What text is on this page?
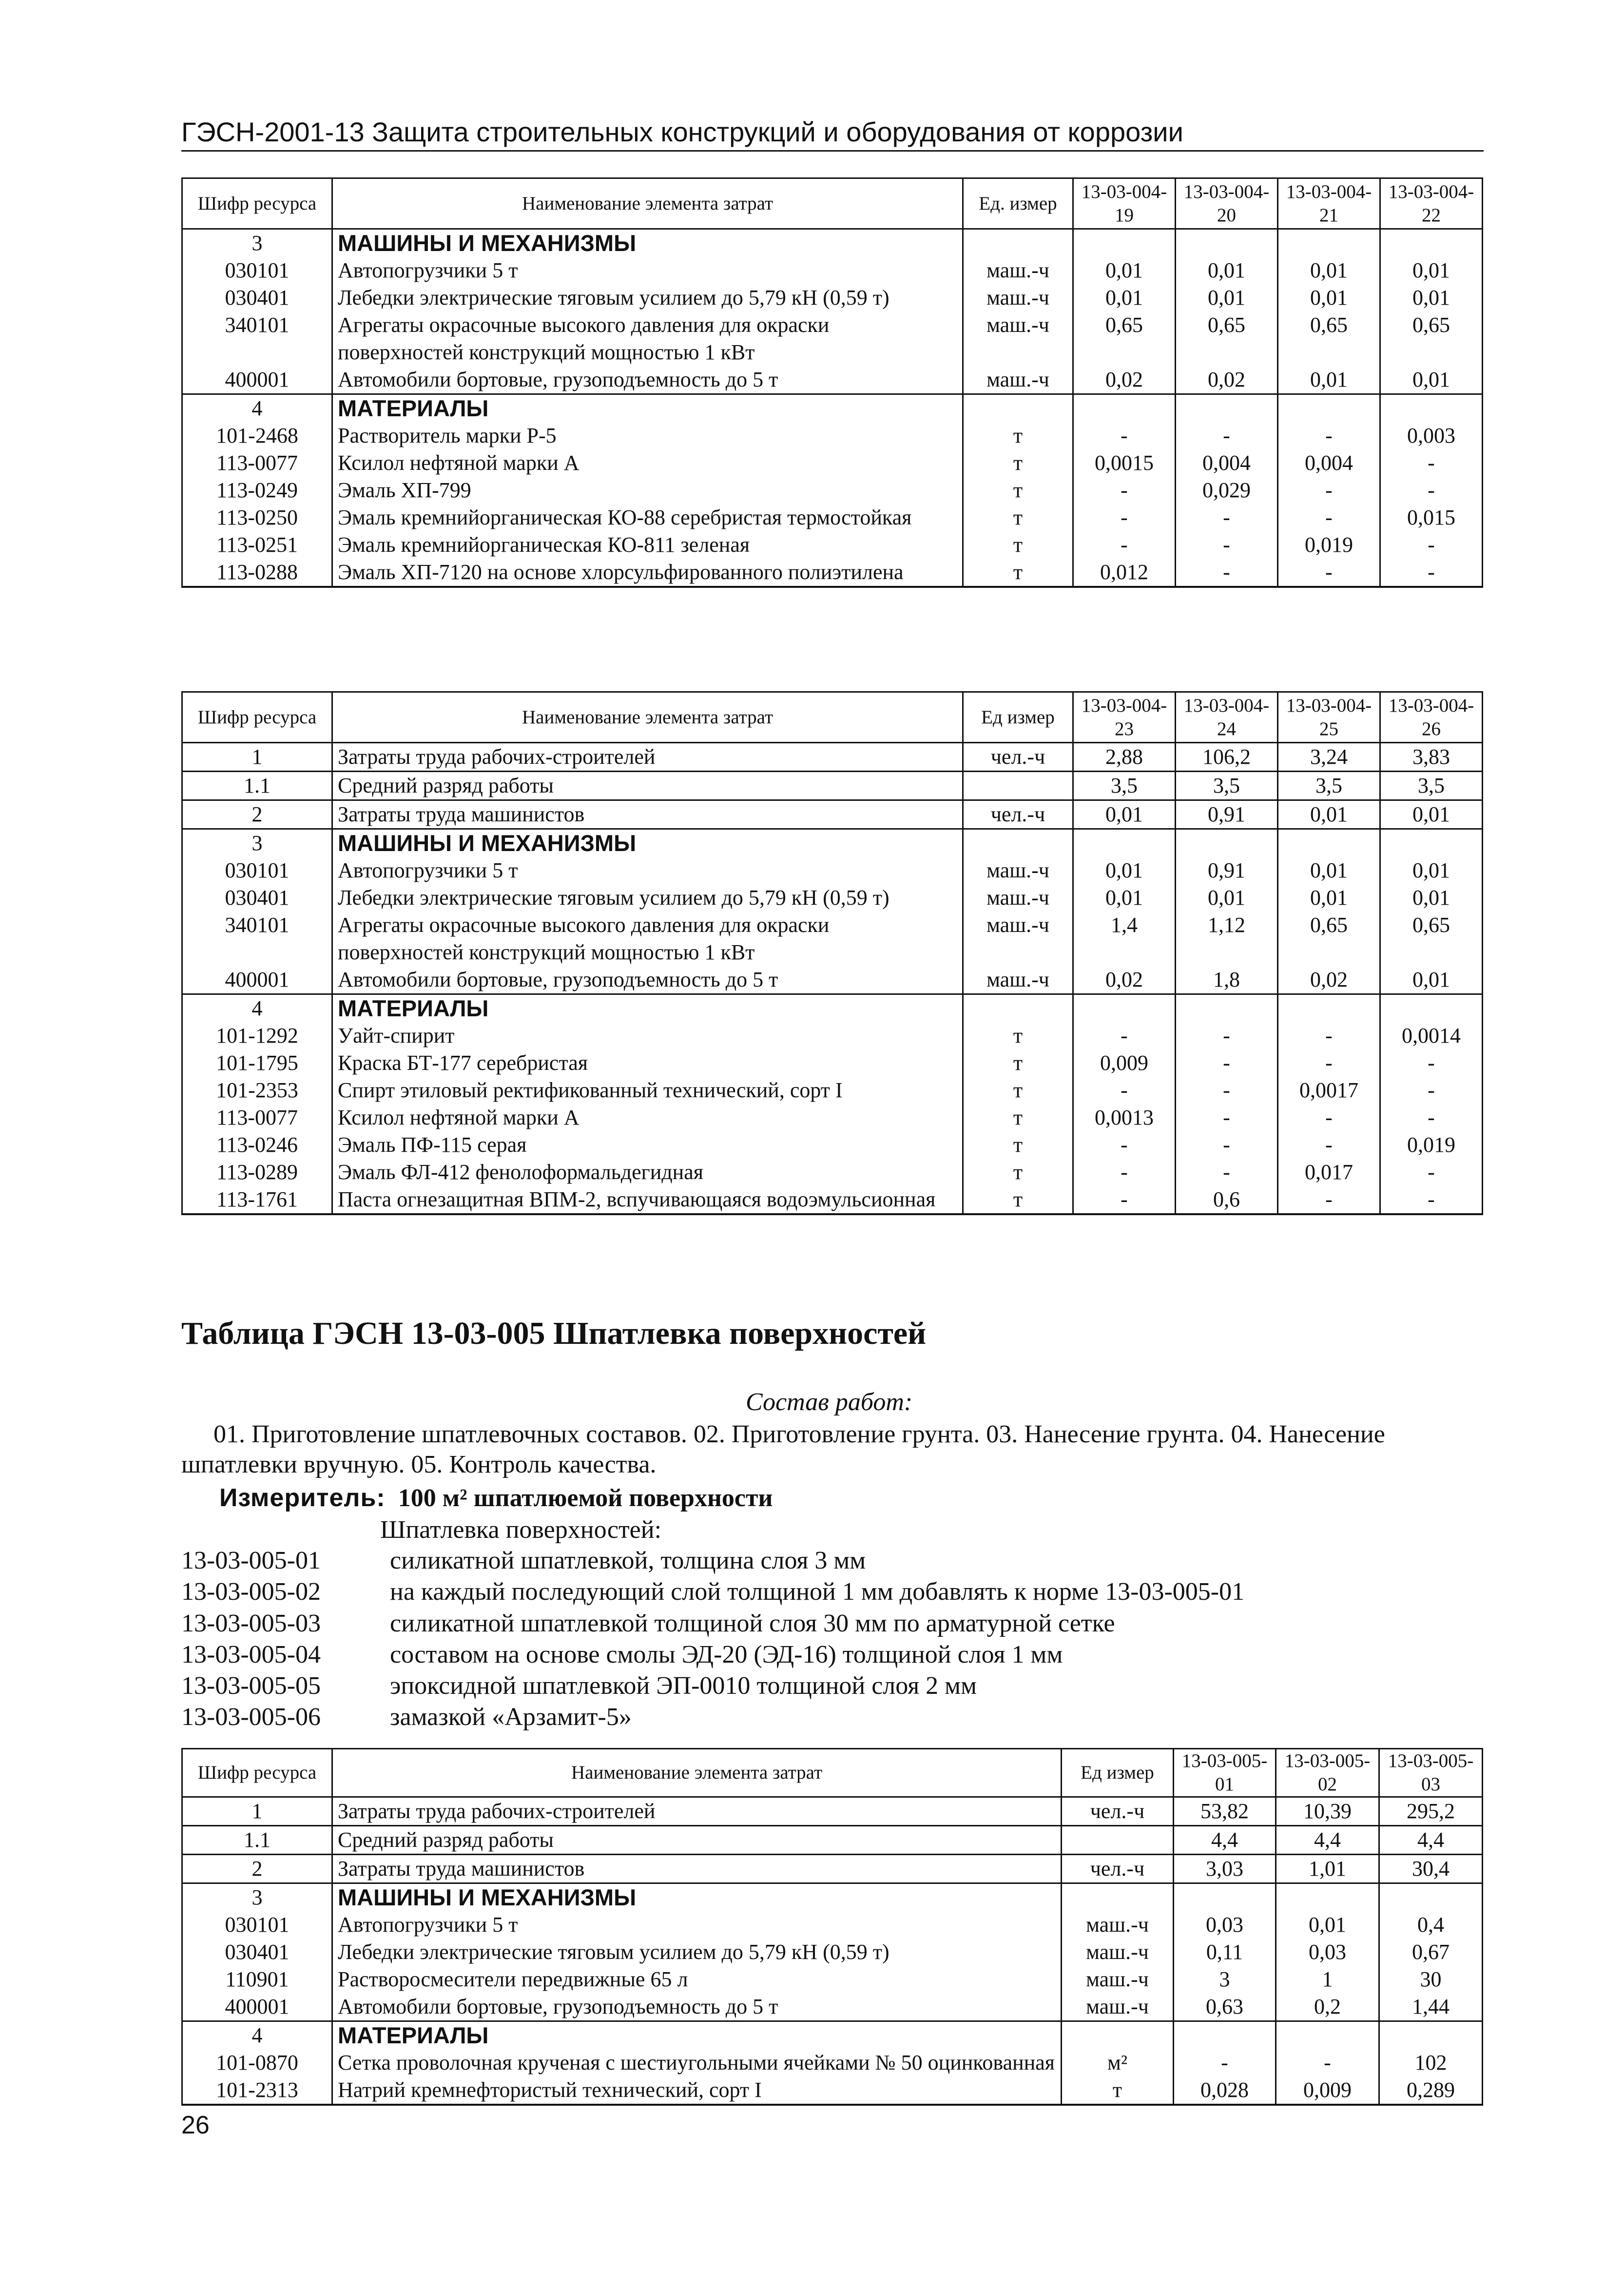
ГЭСН-2001-13 Защита строительных конструкций и оборудования от коррозии
Шифр ресурса	Наименование элемента затрат	Ед. измер	13-03-004-19	13-03-004-20	13-03-004-21	13-03-004-22
3	МАШИНЫ И МЕХАНИЗМЫ					
030101	Автопогрузчики 5 т	маш.-ч	0,01	0,01	0,01	0,01
030401	Лебедки электрические тяговым усилием до 5,79 кН (0,59 т)	маш.-ч	0,01	0,01	0,01	0,01
340101	Агрегаты окрасочные высокого давления для окраски поверхностей конструкций мощностью 1 кВт	маш.-ч	0,65	0,65	0,65	0,65
400001	Автомобили бортовые, грузоподъемность до 5 т	маш.-ч	0,02	0,02	0,01	0,01
4	МАТЕРИАЛЫ					
101-2468	Растворитель марки Р-5	т	-	-	-	0,003
113-0077	Ксилол нефтяной марки А	т	0,0015	0,004	0,004	-
113-0249	Эмаль ХП-799	т	-	0,029	-	-
113-0250	Эмаль кремнийорганическая КО-88 серебристая термостойкая	т	-	-	-	0,015
113-0251	Эмаль кремнийорганическая КО-811 зеленая	т	-	-	0,019	-
113-0288	Эмаль ХП-7120 на основе хлорсульфированного полиэтилена	т	0,012	-	-	-
Шифр ресурса	Наименование элемента затрат	Ед измер	13-03-004-23	13-03-004-24	13-03-004-25	13-03-004-26
1	Затраты труда рабочих-строителей	чел.-ч	2,88	106,2	3,24	3,83
1.1	Средний разряд работы		3,5	3,5	3,5	3,5
2	Затраты труда машинистов	чел.-ч	0,01	0,91	0,01	0,01
3	МАШИНЫ И МЕХАНИЗМЫ					
030101	Автопогрузчики 5 т	маш.-ч	0,01	0,91	0,01	0,01
030401	Лебедки электрические тяговым усилием до 5,79 кН (0,59 т)	маш.-ч	0,01	0,01	0,01	0,01
340101	Агрегаты окрасочные высокого давления для окраски поверхностей конструкций мощностью 1 кВт	маш.-ч	1,4	1,12	0,65	0,65
400001	Автомобили бортовые, грузоподъемность до 5 т	маш.-ч	0,02	1,8	0,02	0,01
4	МАТЕРИАЛЫ					
101-1292	Уайт-спирит	т	-	-	-	0,0014
101-1795	Краска БТ-177 серебристая	т	0,009	-	-	-
101-2353	Спирт этиловый ректификованный технический, сорт I	т	-	-	0,0017	-
113-0077	Ксилол нефтяной марки А	т	0,0013	-	-	-
113-0246	Эмаль ПФ-115 серая	т	-	-	-	0,019
113-0289	Эмаль ФЛ-412 фенолоформальдегидная	т	-	-	0,017	-
113-1761	Паста огнезащитная ВПМ-2, вспучивающаяся водоэмульсионная	т	-	0,6	-	-
Таблица ГЭСН 13-03-005 Шпатлевка поверхностей
Состав работ:
01. Приготовление шпатлевочных составов. 02. Приготовление грунта. 03. Нанесение грунта. 04. Нанесение шпатлевки вручную. 05. Контроль качества.
Измеритель: 100 м² шпатлюемой поверхности
Шпатлевка поверхностей:
13-03-005-01	силикатной шпатлевкой, толщина слоя 3 мм
13-03-005-02	на каждый последующий слой толщиной 1 мм добавлять к норме 13-03-005-01
13-03-005-03	силикатной шпатлевкой толщиной слоя 30 мм по арматурной сетке
13-03-005-04	составом на основе смолы ЭД-20 (ЭД-16) толщиной слоя 1 мм
13-03-005-05	эпоксидной шпатлевкой ЭП-0010 толщиной слоя 2 мм
13-03-005-06	замазкой «Арзамит-5»
Шифр ресурса	Наименование элемента затрат	Ед измер	13-03-005-01	13-03-005-02	13-03-005-03
1	Затраты труда рабочих-строителей	чел.-ч	53,82	10,39	295,2
1.1	Средний разряд работы		4,4	4,4	4,4
2	Затраты труда машинистов	чел.-ч	3,03	1,01	30,4
3	МАШИНЫ И МЕХАНИЗМЫ				
030101	Автопогрузчики 5 т	маш.-ч	0,03	0,01	0,4
030401	Лебедки электрические тяговым усилием до 5,79 кН (0,59 т)	маш.-ч	0,11	0,03	0,67
110901	Растворосмесители передвижные 65 л	маш.-ч	3	1	30
400001	Автомобили бортовые, грузоподъемность до 5 т	маш.-ч	0,63	0,2	1,44
4	МАТЕРИАЛЫ				
101-0870	Сетка проволочная крученая с шестиугольными ячейками № 50 оцинкованная	м²	-	-	102
101-2313	Натрий кремнефтористый технический, сорт I	т	0,028	0,009	0,289
26
